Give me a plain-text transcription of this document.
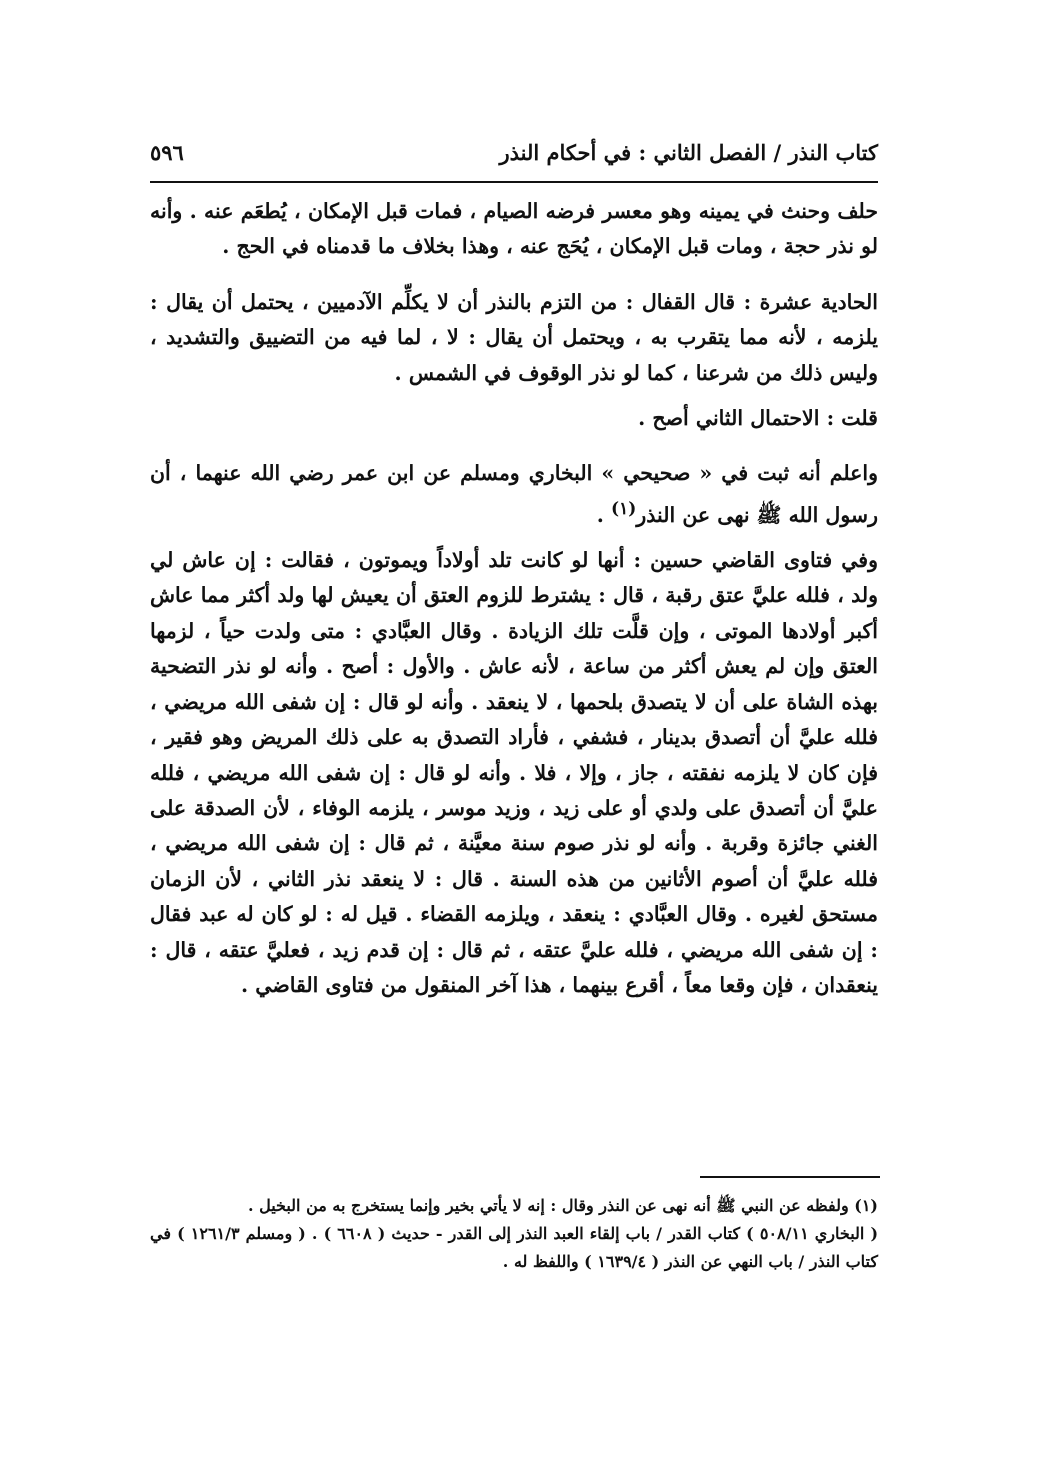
كتاب النذر / الفصل الثاني : في أحكام النذر
٥٩٦

حلف وحنث في يمينه وهو معسر فرضه الصيام ، فمات قبل الإمكان ، يُطعَم عنه . وأنه لو نذر حجة ، ومات قبل الإمكان ، يُحَج عنه ، وهذا بخلاف ما قدمناه في الحج .

الحادية عشرة : قال القفال : من التزم بالنذر أن لا يكلِّم الآدميين ، يحتمل أن يقال : يلزمه ، لأنه مما يتقرب به ، ويحتمل أن يقال : لا ، لما فيه من التضييق والتشديد ، وليس ذلك من شرعنا ، كما لو نذر الوقوف في الشمس .

قلت : الاحتمال الثاني أصح .

واعلم أنه ثبت في « صحيحي » البخاري ومسلم عن ابن عمر رضي الله عنهما ، أن رسول الله ﷺ نهى عن النذر$^{(١)}$ .

وفي فتاوى القاضي حسين : أنها لو كانت تلد أولاداً ويموتون ، فقالت : إن عاش لي ولد ، فلله عليَّ عتق رقبة ، قال : يشترط للزوم العتق أن يعيش لها ولد أكثر مما عاش أكبر أولادها الموتى ، وإن قلَّت تلك الزيادة . وقال العبَّادي : متى ولدت حياً ، لزمها العتق وإن لم يعش أكثر من ساعة ، لأنه عاش . والأول : أصح . وأنه لو نذر التضحية بهذه الشاة على أن لا يتصدق بلحمها ، لا ينعقد . وأنه لو قال : إن شفى الله مريضي ، فلله عليَّ أن أتصدق بدينار ، فشفي ، فأراد التصدق به على ذلك المريض وهو فقير ، فإن كان لا يلزمه نفقته ، جاز ، وإلا ، فلا . وأنه لو قال : إن شفى الله مريضي ، فلله عليَّ أن أتصدق على ولدي أو على زيد ، وزيد موسر ، يلزمه الوفاء ، لأن الصدقة على الغني جائزة وقربة . وأنه لو نذر صوم سنة معيَّنة ، ثم قال : إن شفى الله مريضي ، فلله عليَّ أن أصوم الأثانين من هذه السنة . قال : لا ينعقد نذر الثاني ، لأن الزمان مستحق لغيره . وقال العبَّادي : ينعقد ، ويلزمه القضاء . قيل له : لو كان له عبد فقال : إن شفى الله مريضي ، فلله عليَّ عتقه ، ثم قال : إن قدم زيد ، فعليَّ عتقه ، قال : ينعقدان ، فإن وقعا معاً ، أقرع بينهما ، هذا آخر المنقول من فتاوى القاضي .

(١) ولفظه عن النبي ﷺ أنه نهى عن النذر وقال : إنه لا يأتي بخير وإنما يستخرج به من البخيل .

( البخاري ٥٠٨/١١ ) كتاب القدر / باب إلقاء العبد النذر إلى القدر - حديث ( ٦٦٠٨ ) . ( ومسلم ١٢٦١/٣ ) في كتاب النذر / باب النهي عن النذر ( ١٦٣٩/٤ ) واللفظ له .
